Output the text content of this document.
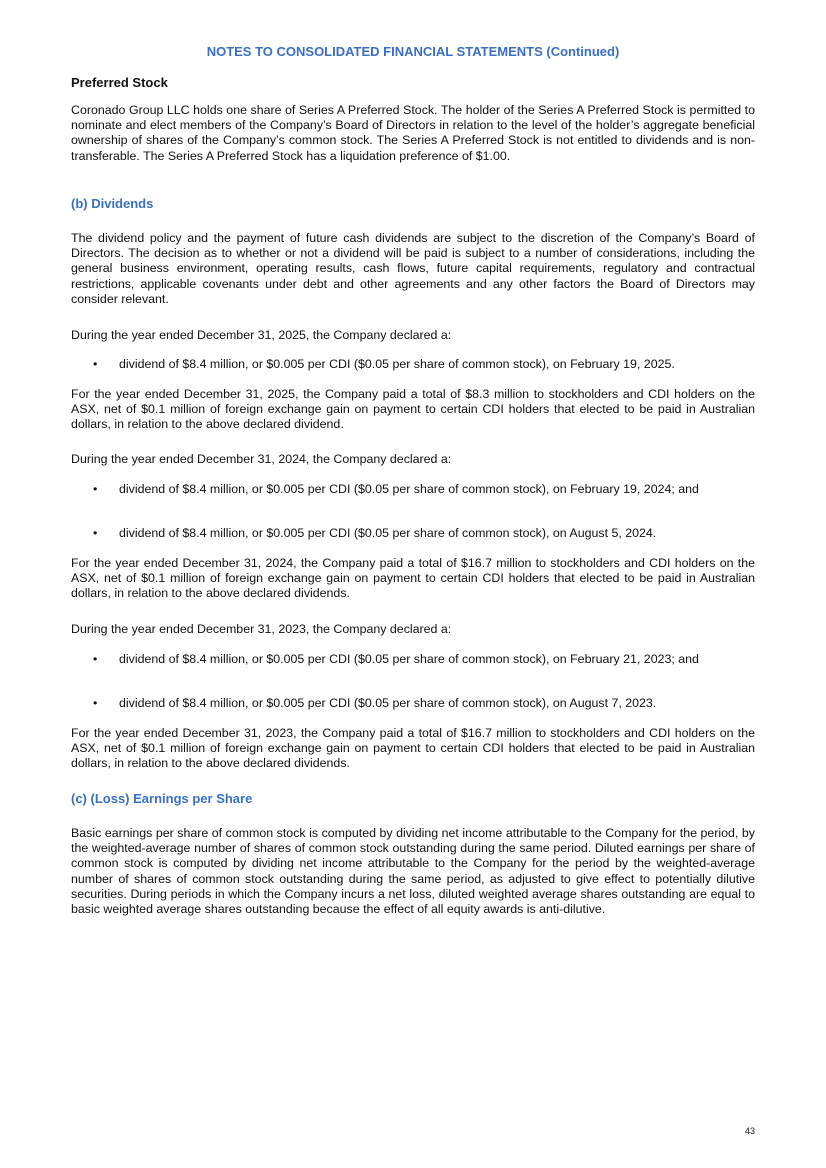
NOTES TO CONSOLIDATED FINANCIAL STATEMENTS (Continued)
Preferred Stock

Coronado Group LLC holds one share of Series A Preferred Stock. The holder of the Series A Preferred Stock is permitted to nominate and elect members of the Company’s Board of Directors in relation to the level of the holder’s aggregate beneficial ownership of shares of the Company’s common stock. The Series A Preferred Stock is not entitled to dividends and is non-transferable. The Series A Preferred Stock has a liquidation preference of $1.00.

(b) Dividends

The dividend policy and the payment of future cash dividends are subject to the discretion of the Company’s Board of Directors. The decision as to whether or not a dividend will be paid is subject to a number of considerations, including the general business environment, operating results, cash flows, future capital requirements, regulatory and contractual restrictions, applicable covenants under debt and other agreements and any other factors the Board of Directors may consider relevant.

During the year ended December 31, 2025, the Company declared a:

• dividend of $8.4 million, or $0.005 per CDI ($0.05 per share of common stock), on February 19, 2025.

For the year ended December 31, 2025, the Company paid a total of $8.3 million to stockholders and CDI holders on the ASX, net of $0.1 million of foreign exchange gain on payment to certain CDI holders that elected to be paid in Australian dollars, in relation to the above declared dividend.

During the year ended December 31, 2024, the Company declared a:

• dividend of $8.4 million, or $0.005 per CDI ($0.05 per share of common stock), on February 19, 2024; and
• dividend of $8.4 million, or $0.005 per CDI ($0.05 per share of common stock), on August 5, 2024.

For the year ended December 31, 2024, the Company paid a total of $16.7 million to stockholders and CDI holders on the ASX, net of $0.1 million of foreign exchange gain on payment to certain CDI holders that elected to be paid in Australian dollars, in relation to the above declared dividends.

During the year ended December 31, 2023, the Company declared a:

• dividend of $8.4 million, or $0.005 per CDI ($0.05 per share of common stock), on February 21, 2023; and
• dividend of $8.4 million, or $0.005 per CDI ($0.05 per share of common stock), on August 7, 2023.

For the year ended December 31, 2023, the Company paid a total of $16.7 million to stockholders and CDI holders on the ASX, net of $0.1 million of foreign exchange gain on payment to certain CDI holders that elected to be paid in Australian dollars, in relation to the above declared dividends.

(c) (Loss) Earnings per Share

Basic earnings per share of common stock is computed by dividing net income attributable to the Company for the period, by the weighted-average number of shares of common stock outstanding during the same period. Diluted earnings per share of common stock is computed by dividing net income attributable to the Company for the period by the weighted-average number of shares of common stock outstanding during the same period, as adjusted to give effect to potentially dilutive securities. During periods in which the Company incurs a net loss, diluted weighted average shares outstanding are equal to basic weighted average shares outstanding because the effect of all equity awards is anti-dilutive.

43
